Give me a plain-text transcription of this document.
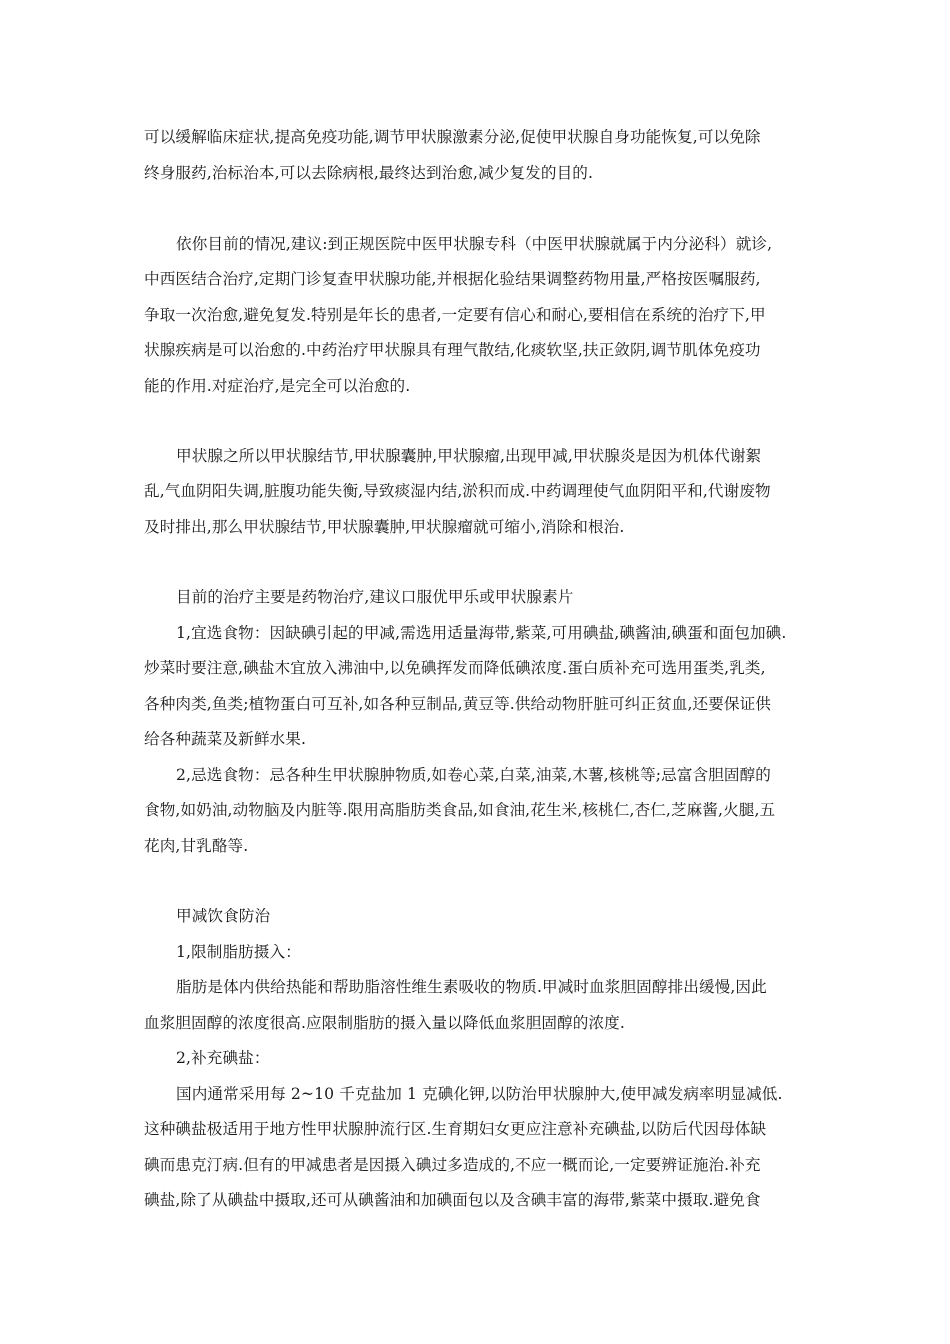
可以缓解临床症状,提高免疫功能,调节甲状腺激素分泌,促使甲状腺自身功能恢复,可以免除
终身服药,治标治本,可以去除病根,最终达到治愈,减少复发的目的.
依你目前的情况,建议:到正规医院中医甲状腺专科（中医甲状腺就属于内分泌科）就诊,
中西医结合治疗,定期门诊复查甲状腺功能,并根据化验结果调整药物用量,严格按医嘱服药,
争取一次治愈,避免复发.特别是年长的患者,一定要有信心和耐心,要相信在系统的治疗下,甲
状腺疾病是可以治愈的.中药治疗甲状腺具有理气散结,化痰软坚,扶正敛阴,调节肌体免疫功
能的作用.对症治疗,是完全可以治愈的.
甲状腺之所以甲状腺结节,甲状腺囊肿,甲状腺瘤,出现甲减,甲状腺炎是因为机体代谢絮
乱,气血阴阳失调,脏腹功能失衡,导致痰湿内结,淤积而成.中药调理使气血阴阳平和,代谢废物
及时排出,那么甲状腺结节,甲状腺囊肿,甲状腺瘤就可缩小,消除和根治.
目前的治疗主要是药物治疗,建议口服优甲乐或甲状腺素片
1,宜选食物：因缺碘引起的甲减,需选用适量海带,紫菜,可用碘盐,碘酱油,碘蛋和面包加碘.
炒菜时要注意,碘盐木宜放入沸油中,以免碘挥发而降低碘浓度.蛋白质补充可选用蛋类,乳类,
各种肉类,鱼类;植物蛋白可互补,如各种豆制品,黄豆等.供给动物肝脏可纠正贫血,还要保证供
给各种蔬菜及新鲜水果.
2,忌选食物：忌各种生甲状腺肿物质,如卷心菜,白菜,油菜,木薯,核桃等;忌富含胆固醇的
食物,如奶油,动物脑及内脏等.限用高脂肪类食品,如食油,花生米,核桃仁,杏仁,芝麻酱,火腿,五
花肉,甘乳酪等.
甲减饮食防治
1,限制脂肪摄入：
脂肪是体内供给热能和帮助脂溶性维生素吸收的物质.甲减时血浆胆固醇排出缓慢,因此
血浆胆固醇的浓度很高.应限制脂肪的摄入量以降低血浆胆固醇的浓度.
2,补充碘盐：
国内通常采用每 2~10 千克盐加 1 克碘化钾,以防治甲状腺肿大,使甲减发病率明显减低.
这种碘盐极适用于地方性甲状腺肿流行区.生育期妇女更应注意补充碘盐,以防后代因母体缺
碘而患克汀病.但有的甲减患者是因摄入碘过多造成的,不应一概而论,一定要辨证施治.补充
碘盐,除了从碘盐中摄取,还可从碘酱油和加碘面包以及含碘丰富的海带,紫菜中摄取.避免食
